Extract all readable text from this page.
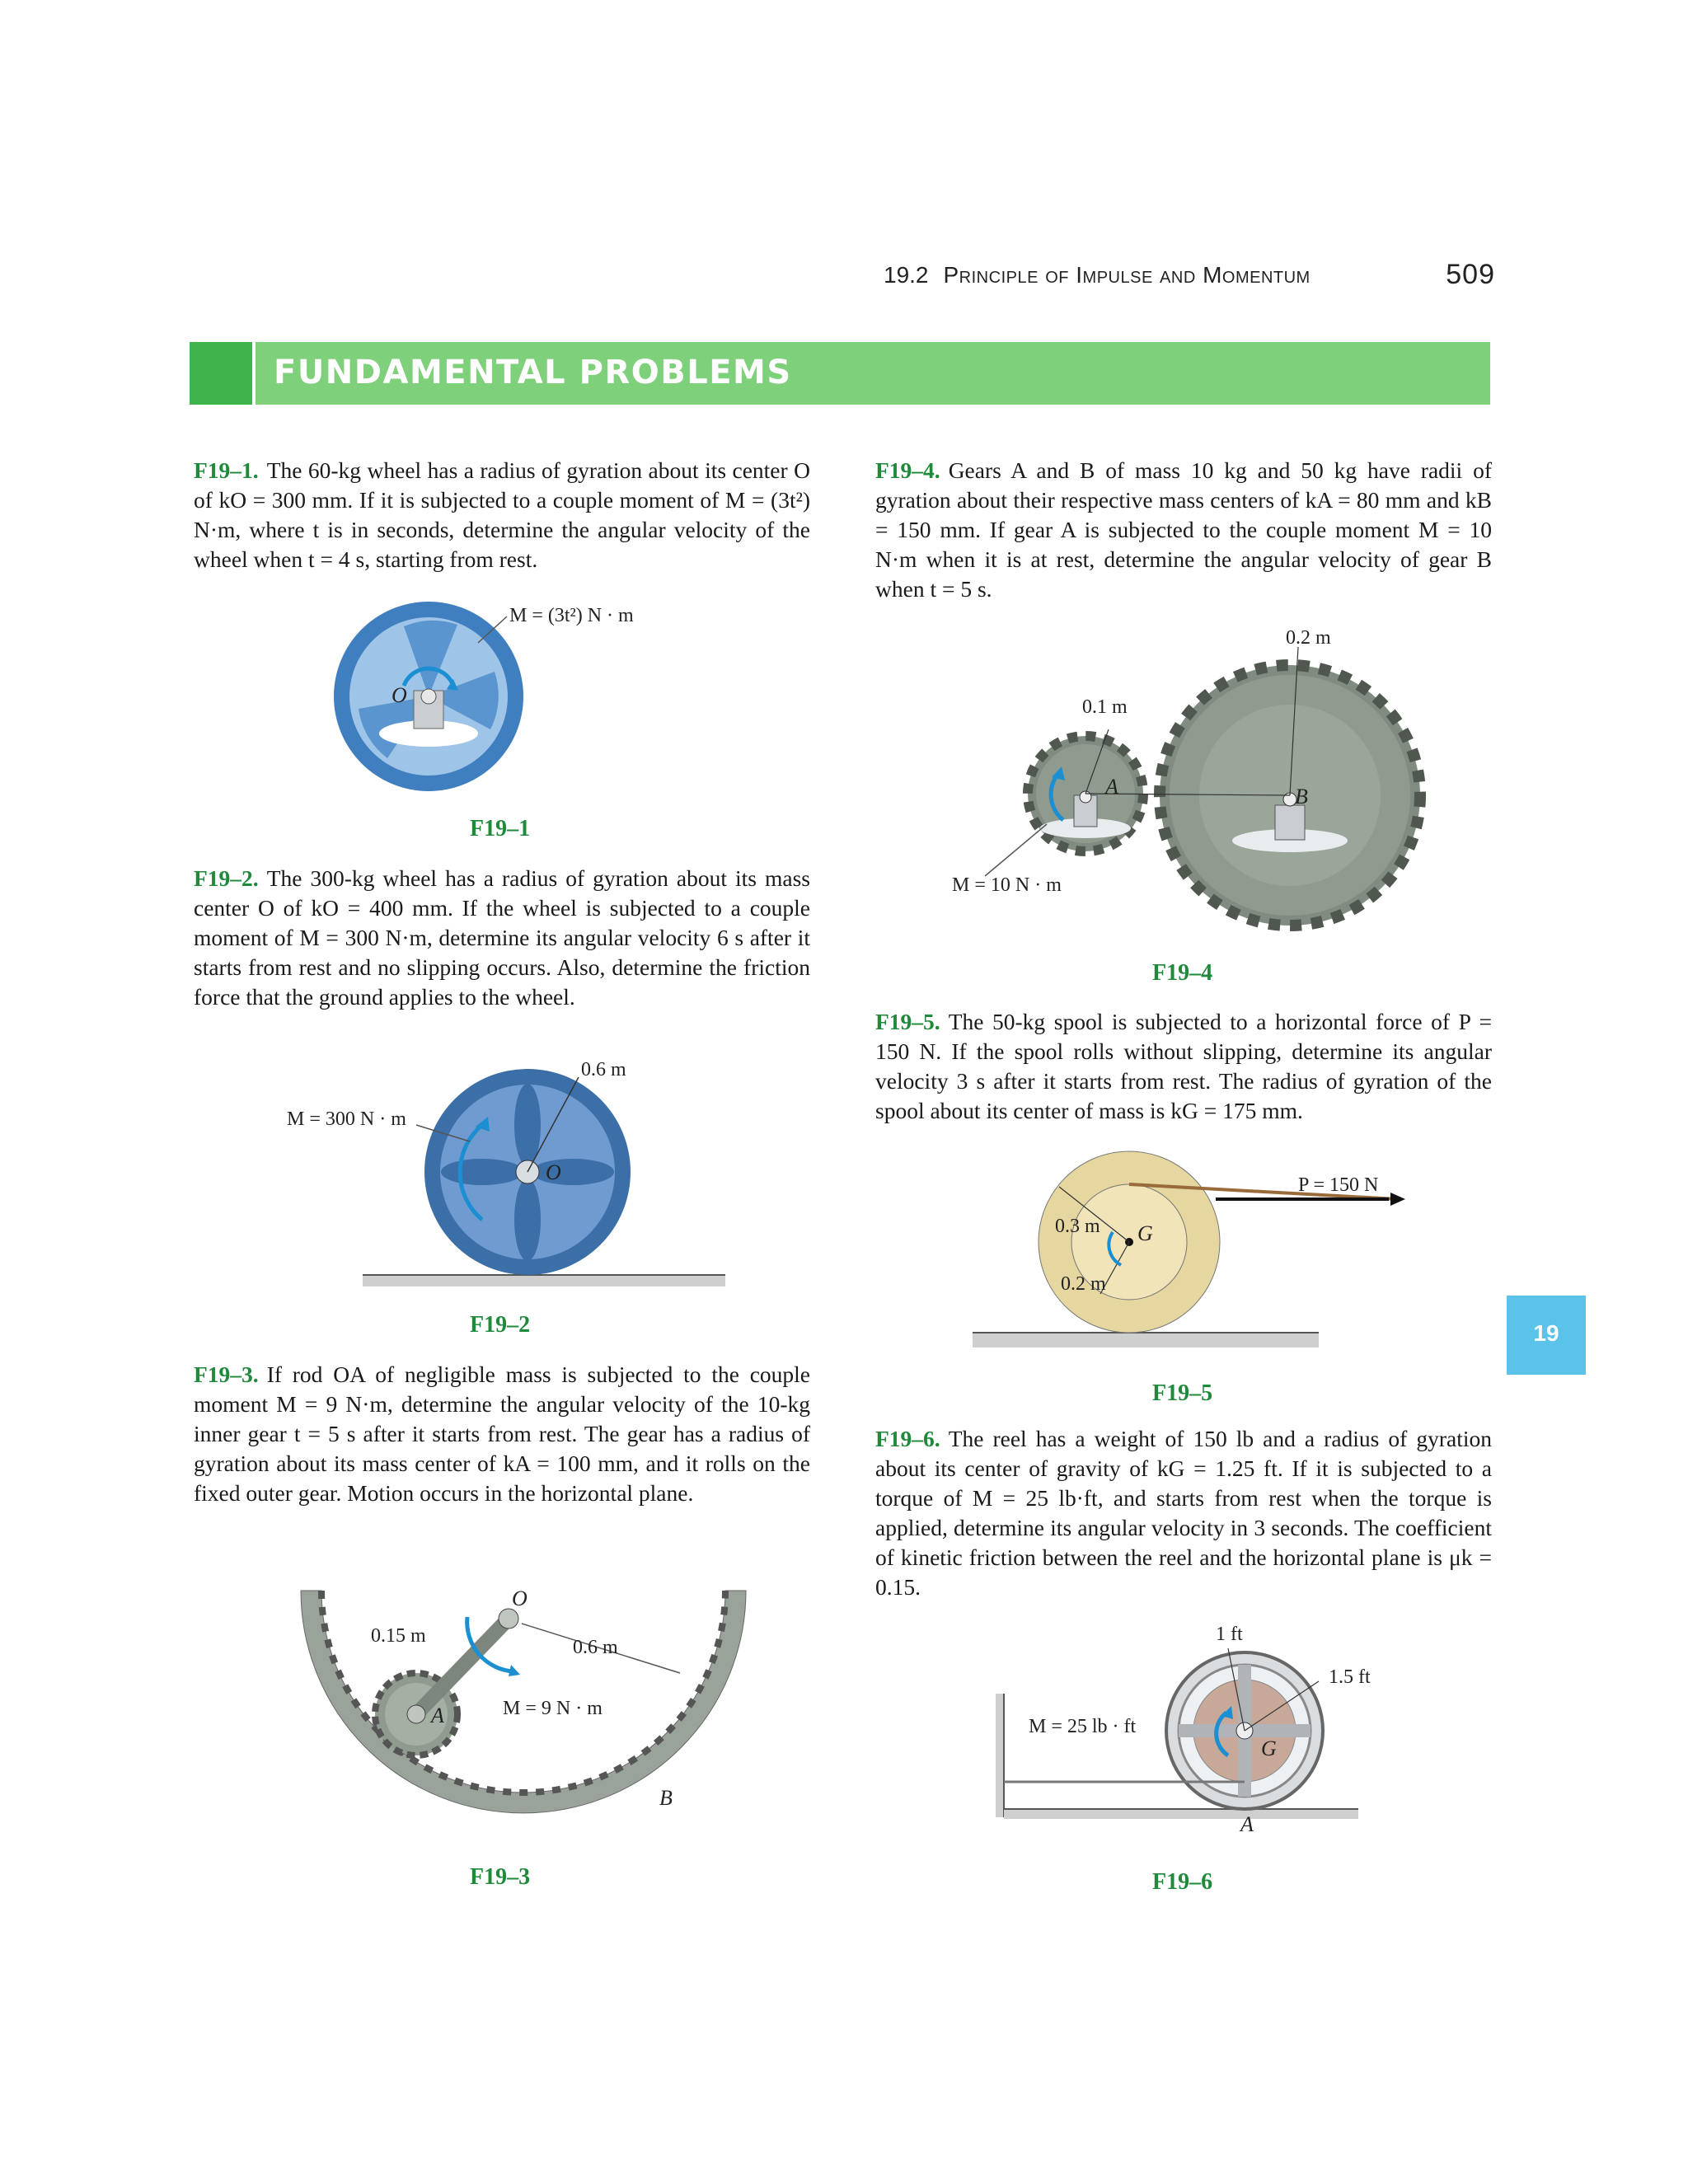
19.2 Principle of Impulse and Momentum	509
FUNDAMENTAL PROBLEMS
F19–1. The 60-kg wheel has a radius of gyration about its center O of kO = 300 mm. If it is subjected to a couple moment of M = (3t²) N·m, where t is in seconds, determine the angular velocity of the wheel when t = 4 s, starting from rest.
M = (3t²) N · m
O
F19–1
F19–2. The 300-kg wheel has a radius of gyration about its mass center O of kO = 400 mm. If the wheel is subjected to a couple moment of M = 300 N·m, determine its angular velocity 6 s after it starts from rest and no slipping occurs. Also, determine the friction force that the ground applies to the wheel.
0.6 m
M = 300 N · m
O
F19–2
F19–3. If rod OA of negligible mass is subjected to the couple moment M = 9 N·m, determine the angular velocity of the 10-kg inner gear t = 5 s after it starts from rest. The gear has a radius of gyration about its mass center of kA = 100 mm, and it rolls on the fixed outer gear. Motion occurs in the horizontal plane.
O
0.15 m
0.6 m
A	M = 9 N · m
B
F19–3
F19–4. Gears A and B of mass 10 kg and 50 kg have radii of gyration about their respective mass centers of kA = 80 mm and kB = 150 mm. If gear A is subjected to the couple moment M = 10 N·m when it is at rest, determine the angular velocity of gear B when t = 5 s.
0.2 m
0.1 m
A	B
M = 10 N · m
F19–4
F19–5. The 50-kg spool is subjected to a horizontal force of P = 150 N. If the spool rolls without slipping, determine its angular velocity 3 s after it starts from rest. The radius of gyration of the spool about its center of mass is kG = 175 mm.
P = 150 N
0.3 m
0.2 m
G
F19–5
F19–6. The reel has a weight of 150 lb and a radius of gyration about its center of gravity of kG = 1.25 ft. If it is subjected to a torque of M = 25 lb·ft, and starts from rest when the torque is applied, determine its angular velocity in 3 seconds. The coefficient of kinetic friction between the reel and the horizontal plane is μk = 0.15.
1 ft
1.5 ft
M = 25 lb · ft
G
A
F19–6
19
